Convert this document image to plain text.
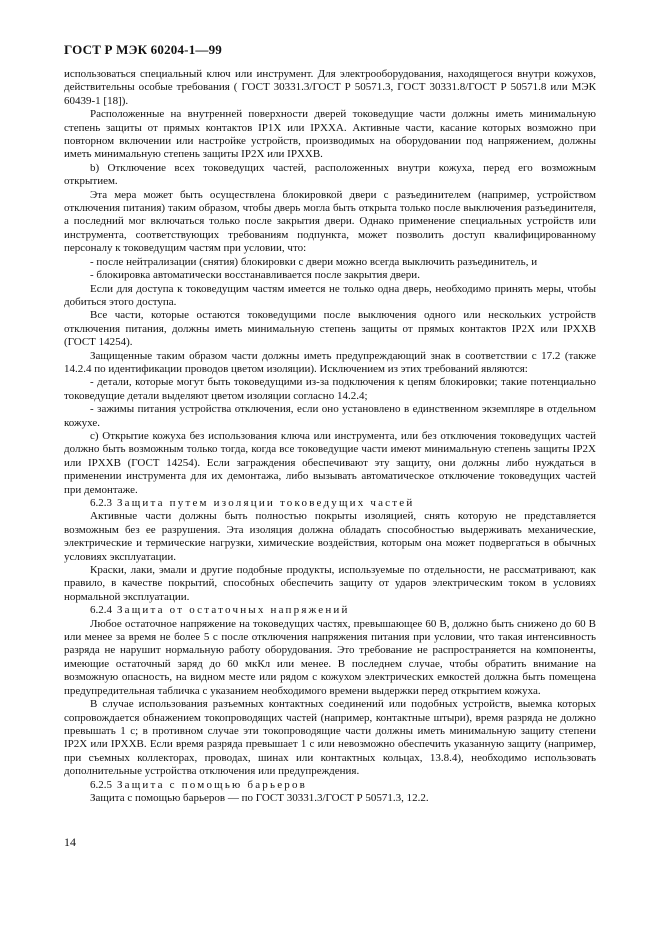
ГОСТ Р МЭК 60204-1—99

использоваться специальный ключ или инструмент. Для электрооборудования, находящегося внутри кожухов, действительны особые требования ( ГОСТ 30331.3/ГОСТ Р 50571.3, ГОСТ 30331.8/ГОСТ Р 50571.8 или МЭК 60439-1 [18]).

Расположенные на внутренней поверхности дверей токоведущие части должны иметь минимальную степень защиты от прямых контактов IP1X или IPXXA. Активные части, касание которых возможно при повторном включении или настройке устройств, производимых на оборудовании под напряжением, должны иметь минимальную степень защиты IP2X или IPXXB.

b) Отключение всех токоведущих частей, расположенных внутри кожуха, перед его возможным открытием.

Эта мера может быть осуществлена блокировкой двери с разъединителем (например, устройством отключения питания) таким образом, чтобы дверь могла быть открыта только после выключения разъединителя, а последний мог включаться только после закрытия двери. Однако применение специальных устройств или инструмента, соответствующих требованиям подпункта, может позволить доступ квалифицированному персоналу к токоведущим частям при условии, что:

- после нейтрализации (снятия) блокировки с двери можно всегда выключить разъединитель, и

- блокировка автоматически восстанавливается после закрытия двери.

Если для доступа к токоведущим частям имеется не только одна дверь, необходимо принять меры, чтобы добиться этого доступа.

Все части, которые остаются токоведущими после выключения одного или нескольких устройств отключения питания, должны иметь минимальную степень защиты от прямых контактов IP2X или IPXXB (ГОСТ 14254).

Защищенные таким образом части должны иметь предупреждающий знак в соответствии с 17.2 (также 14.2.4 по идентификации проводов цветом изоляции). Исключением из этих требований являются:

- детали, которые могут быть токоведущими из-за подключения к цепям блокировки; такие потенциально токоведущие детали выделяют цветом изоляции согласно 14.2.4;

- зажимы питания устройства отключения, если оно установлено в единственном экземпляре в отдельном кожухе.

c) Открытие кожуха без использования ключа или инструмента, или без отключения токоведущих частей должно быть возможным только тогда, когда все токоведущие части имеют минимальную степень защиты IP2X или IPXXB (ГОСТ 14254). Если заграждения обеспечивают эту защиту, они должны либо нуждаться в применении инструмента для их демонтажа, либо вызывать автоматическое отключение токоведущих частей при демонтаже.

6.2.3 Защита путем изоляции токоведущих частей

Активные части должны быть полностью покрыты изоляцией, снять которую не представляется возможным без ее разрушения. Эта изоляция должна обладать способностью выдерживать механические, электрические и термические нагрузки, химические воздействия, которым она может подвергаться в обычных условиях эксплуатации.

Краски, лаки, эмали и другие подобные продукты, используемые по отдельности, не рассматривают, как правило, в качестве покрытий, способных обеспечить защиту от ударов электрическим током в условиях нормальной эксплуатации.

6.2.4 Защита от остаточных напряжений

Любое остаточное напряжение на токоведущих частях, превышающее 60 В, должно быть снижено до 60 В или менее за время не более 5 с после отключения напряжения питания при условии, что такая интенсивность разряда не нарушит нормальную работу оборудования. Это требование не распространяется на компоненты, имеющие остаточный заряд до 60 мкКл или менее. В последнем случае, чтобы обратить внимание на возможную опасность, на видном месте или рядом с кожухом электрических емкостей должна быть помещена предупредительная табличка с указанием необходимого времени выдержки перед открытием кожуха.

В случае использования разъемных контактных соединений или подобных устройств, выемка которых сопровождается обнажением токопроводящих частей (например, контактные штыри), время разряда не должно превышать 1 с; в противном случае эти токопроводящие части должны иметь минимальную защиту степени IP2X или IPXXB. Если время разряда превышает 1 с или невозможно обеспечить указанную защиту (например, при съемных коллекторах, проводах, шинах или контактных кольцах, 13.8.4), необходимо использовать дополнительные устройства отключения или предупреждения.

6.2.5 Защита с помощью барьеров

Защита с помощью барьеров — по ГОСТ 30331.3/ГОСТ Р 50571.3, 12.2.

14
